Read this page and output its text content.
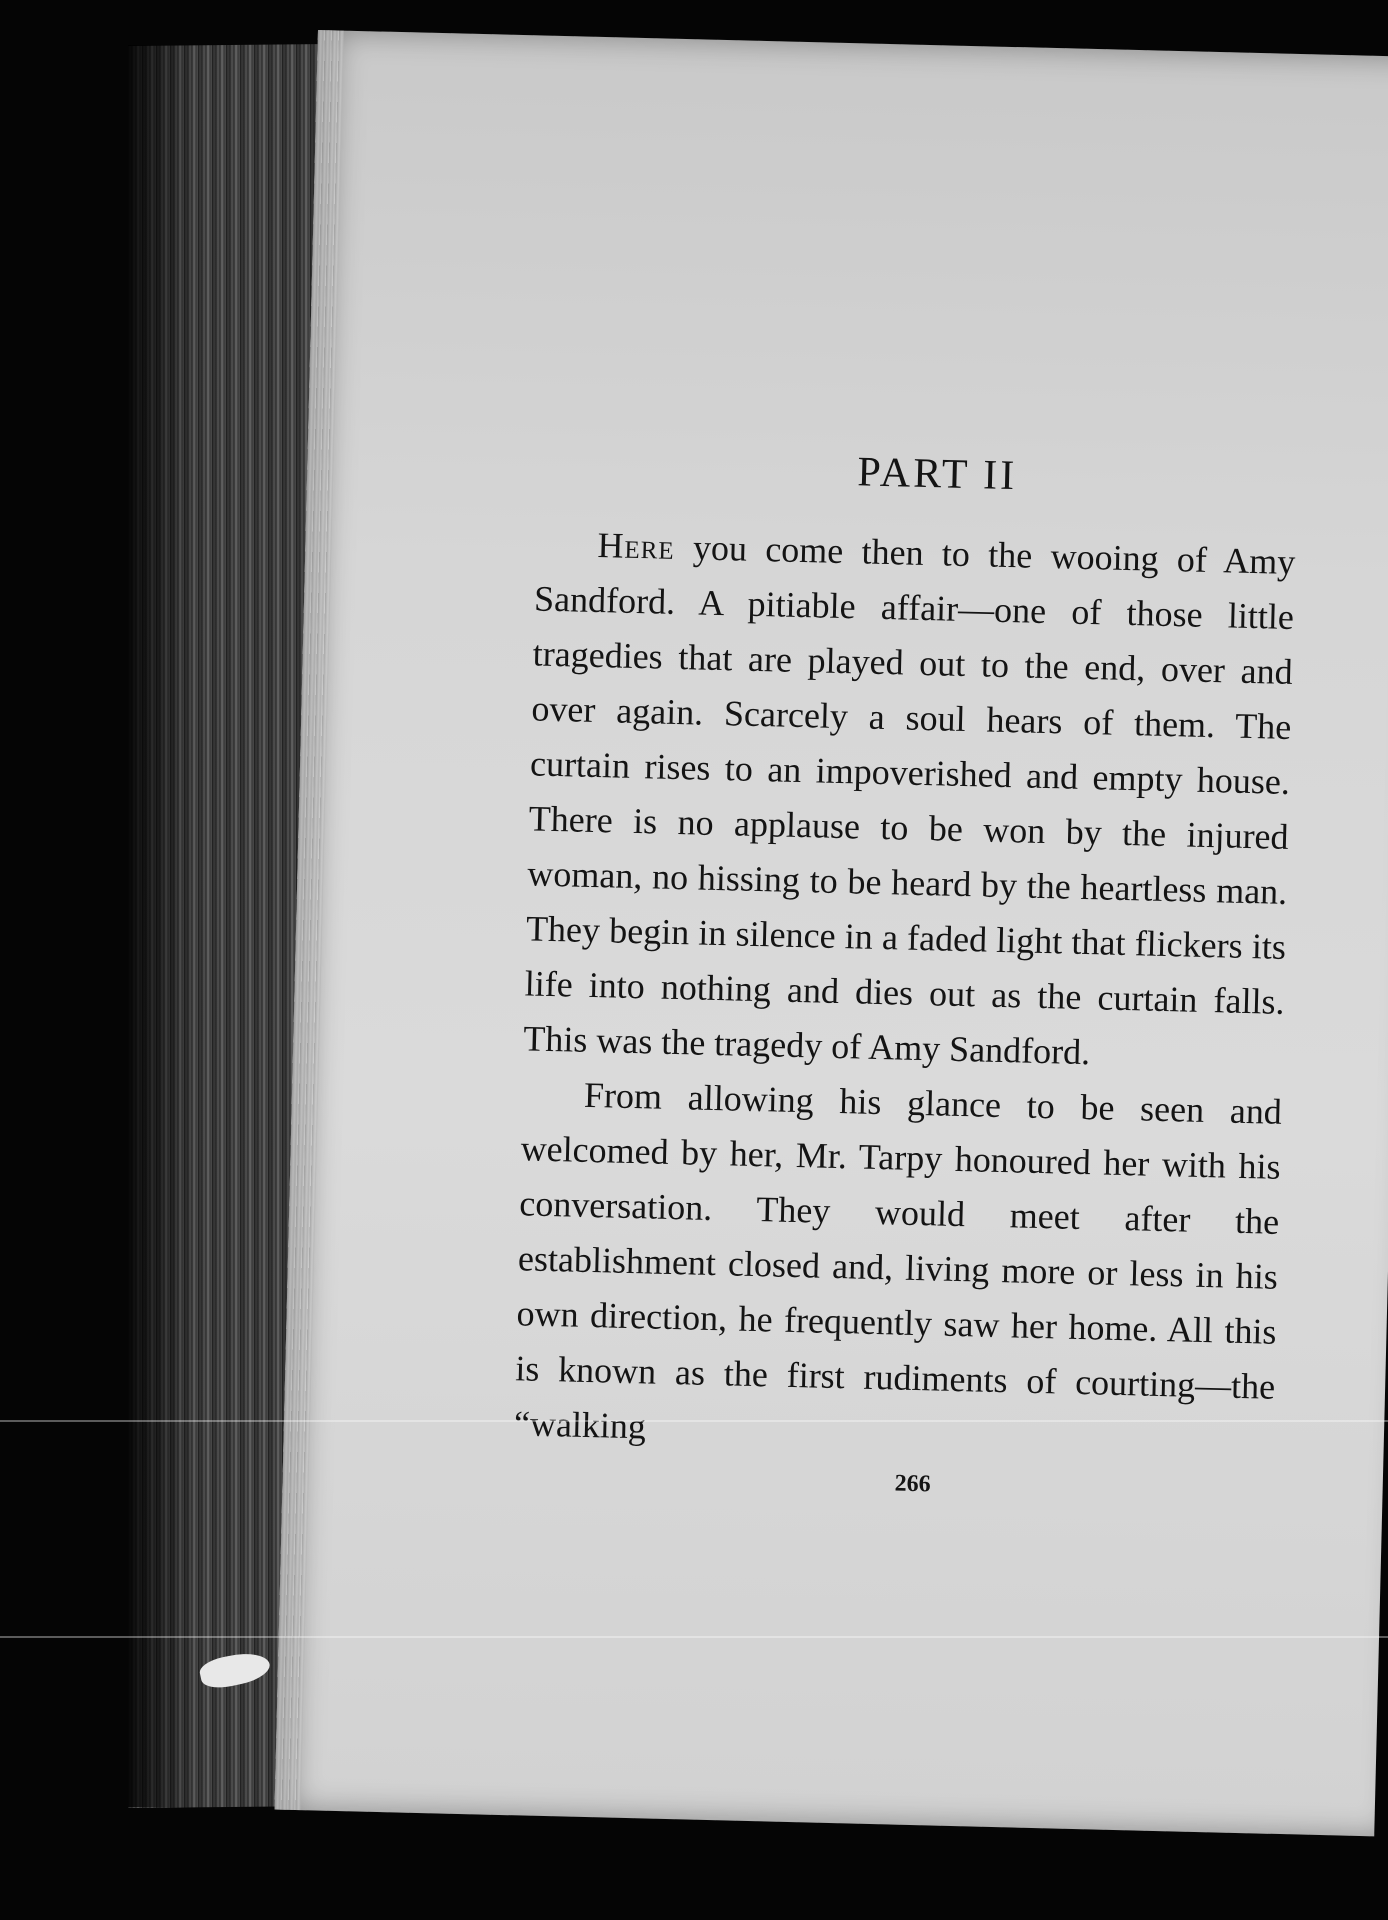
PART II

Here you come then to the wooing of Amy Sandford. A pitiable affair—one of those little tragedies that are played out to the end, over and over again. Scarcely a soul hears of them. The curtain rises to an impoverished and empty house. There is no applause to be won by the injured woman, no hissing to be heard by the heartless man. They begin in silence in a faded light that flickers its life into nothing and dies out as the curtain falls. This was the tragedy of Amy Sandford.

From allowing his glance to be seen and welcomed by her, Mr. Tarpy honoured her with his conversation. They would meet after the establishment closed and, living more or less in his own direction, he frequently saw her home. All this is known as the first rudiments of courting—the “walking

266
